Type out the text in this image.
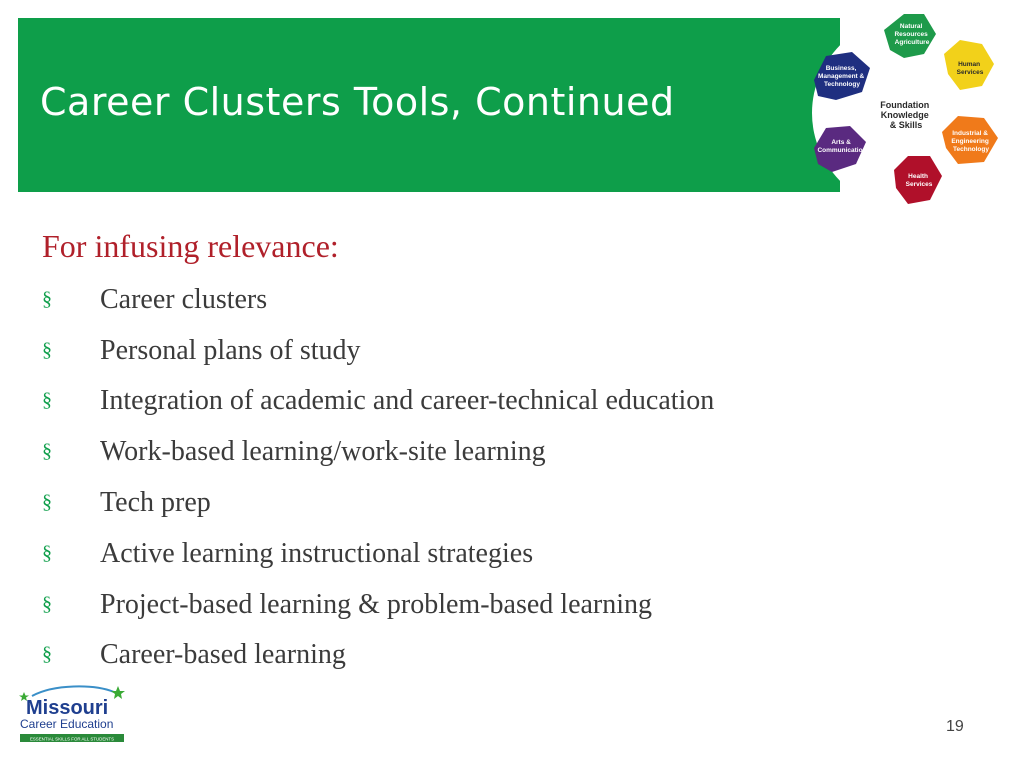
Career Clusters Tools, Continued
Natural Resources Agriculture
Human Services
Industrial & Engineering Technology
Health Services
Arts & Communication
Business, Management & Technology
Foundation Knowledge & Skills
For infusing relevance:
§ Career clusters
§ Personal plans of study
§ Integration of academic and career-technical education
§ Work-based learning/work-site learning
§ Tech prep
§ Active learning instructional strategies
§ Project-based learning & problem-based learning
§ Career-based learning
Missouri
Career Education
ESSENTIAL SKILLS FOR ALL STUDENTS
19
